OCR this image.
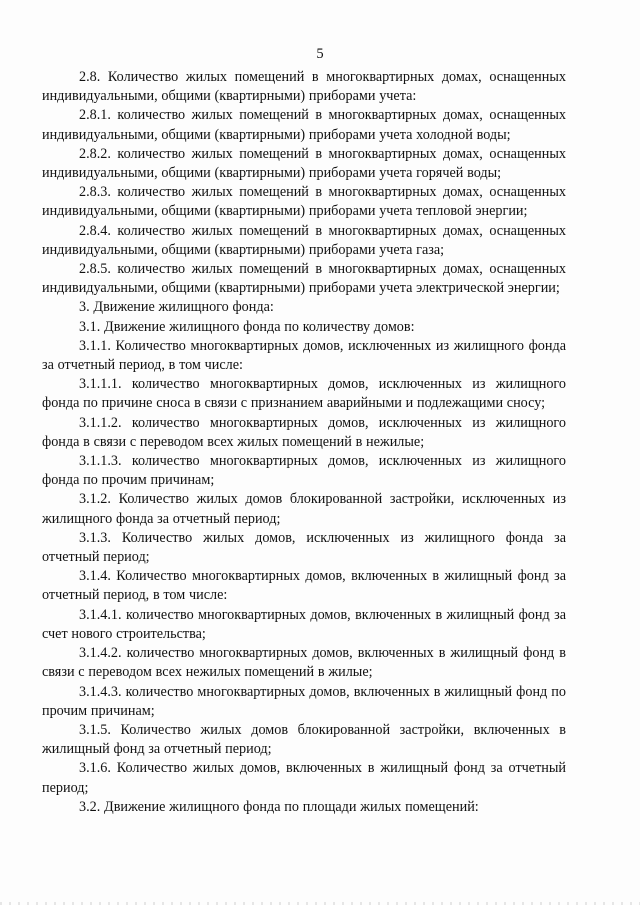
5

2.8. Количество жилых помещений в многоквартирных домах, оснащенных индивидуальными, общими (квартирными) приборами учета:

2.8.1. количество жилых помещений в многоквартирных домах, оснащенных индивидуальными, общими (квартирными) приборами учета холодной воды;

2.8.2. количество жилых помещений в многоквартирных домах, оснащенных индивидуальными, общими (квартирными) приборами учета горячей воды;

2.8.3. количество жилых помещений в многоквартирных домах, оснащенных индивидуальными, общими (квартирными) приборами учета тепловой энергии;

2.8.4. количество жилых помещений в многоквартирных домах, оснащенных индивидуальными, общими (квартирными) приборами учета газа;

2.8.5. количество жилых помещений в многоквартирных домах, оснащенных индивидуальными, общими (квартирными) приборами учета электрической энергии;

3. Движение жилищного фонда:

3.1. Движение жилищного фонда по количеству домов:

3.1.1. Количество многоквартирных домов, исключенных из жилищного фонда за отчетный период, в том числе:

3.1.1.1. количество многоквартирных домов, исключенных из жилищного фонда по причине сноса в связи с признанием аварийными и подлежащими сносу;

3.1.1.2. количество многоквартирных домов, исключенных из жилищного фонда в связи с переводом всех жилых помещений в нежилые;

3.1.1.3. количество многоквартирных домов, исключенных из жилищного фонда по прочим причинам;

3.1.2. Количество жилых домов блокированной застройки, исключенных из жилищного фонда за отчетный период;

3.1.3. Количество жилых домов, исключенных из жилищного фонда за отчетный период;

3.1.4. Количество многоквартирных домов, включенных в жилищный фонд за отчетный период, в том числе:

3.1.4.1. количество многоквартирных домов, включенных в жилищный фонд за счет нового строительства;

3.1.4.2. количество многоквартирных домов, включенных в жилищный фонд в связи с переводом всех нежилых помещений в жилые;

3.1.4.3. количество многоквартирных домов, включенных в жилищный фонд по прочим причинам;

3.1.5. Количество жилых домов блокированной застройки, включенных в жилищный фонд за отчетный период;

3.1.6. Количество жилых домов, включенных в жилищный фонд за отчетный период;

3.2. Движение жилищного фонда по площади жилых помещений:
